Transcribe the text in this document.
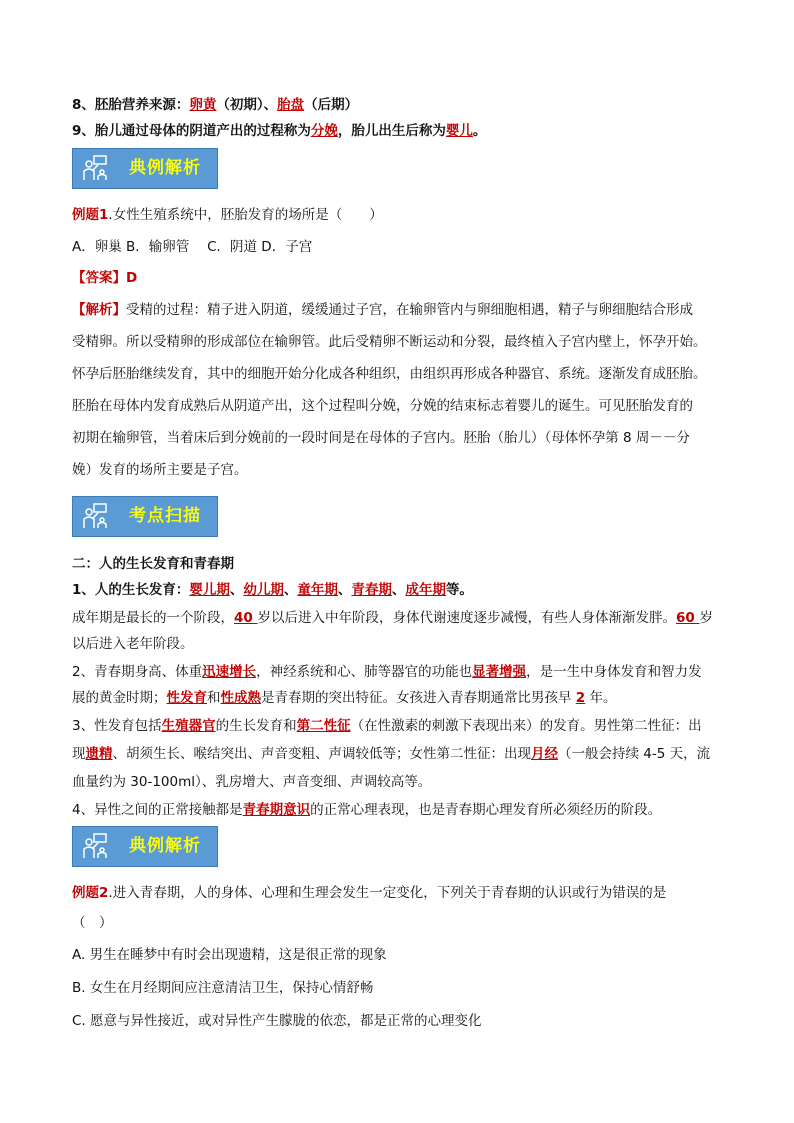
8、胚胎营养来源：卵黄（初期）、胎盘（后期）
9、胎儿通过母体的阴道产出的过程称为分娩，胎儿出生后称为婴儿。
典例解析
例题1.女性生殖系统中，胚胎发育的场所是（　　）
A．卵巢 B．输卵管　 C．阴道 D．子宫
【答案】D
【解析】受精的过程：精子进入阴道，缓缓通过子宫，在输卵管内与卵细胞相遇，精子与卵细胞结合形成
受精卵。所以受精卵的形成部位在输卵管。此后受精卵不断运动和分裂，最终植入子宫内壁上，怀孕开始。
怀孕后胚胎继续发育，其中的细胞开始分化成各种组织，由组织再形成各种器官、系统。逐渐发育成胚胎。
胚胎在母体内发育成熟后从阴道产出，这个过程叫分娩，分娩的结束标志着婴儿的诞生。可见胚胎发育的
初期在输卵管，当着床后到分娩前的一段时间是在母体的子宫内。胚胎（胎儿）（母体怀孕第 8 周－－分
娩）发育的场所主要是子宫。
考点扫描
二：人的生长发育和青春期
1、人的生长发育：婴儿期、幼儿期、童年期、青春期、成年期等。
成年期是最长的一个阶段，40 岁以后进入中年阶段，身体代谢速度逐步减慢，有些人身体渐渐发胖。60 岁
以后进入老年阶段。
2、青春期身高、体重迅速增长，神经系统和心、肺等器官的功能也显著增强，是一生中身体发育和智力发
展的黄金时期；性发育和性成熟是青春期的突出特征。女孩进入青春期通常比男孩早 2 年。
3、性发育包括生殖器官的生长发育和第二性征（在性激素的刺激下表现出来）的发育。男性第二性征：出
现遗精、胡须生长、喉结突出、声音变粗、声调较低等；女性第二性征：出现月经（一般会持续 4-5 天，流
血量约为 30-100ml）、乳房增大、声音变细、声调较高等。
4、异性之间的正常接触都是青春期意识的正常心理表现，也是青春期心理发育所必须经历的阶段。
典例解析
例题2.进入青春期，人的身体、心理和生理会发生一定变化，下列关于青春期的认识或行为错误的是
（　）
A. 男生在睡梦中有时会出现遗精，这是很正常的现象
B. 女生在月经期间应注意清洁卫生，保持心情舒畅
C. 愿意与异性接近，或对异性产生朦胧的依恋，都是正常的心理变化
